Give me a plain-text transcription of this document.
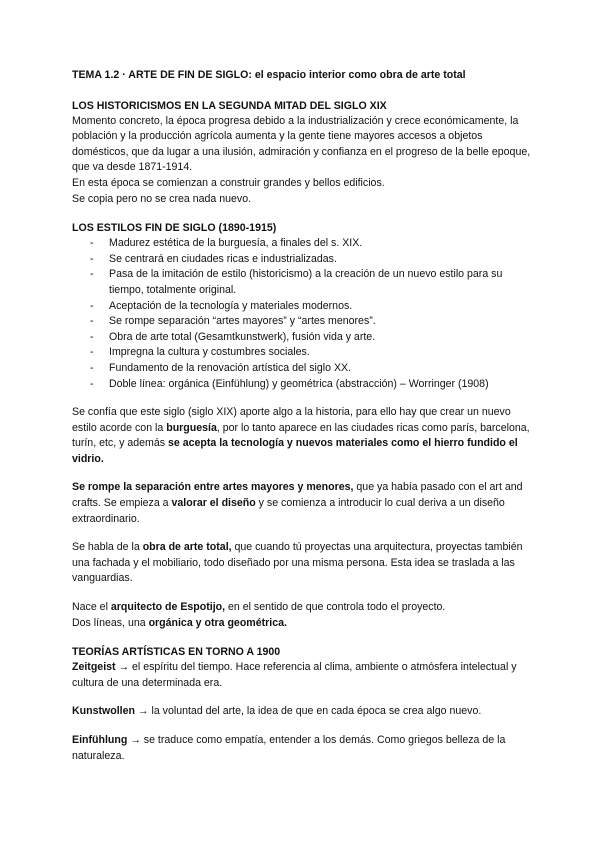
TEMA 1.2 · ARTE DE FIN DE SIGLO: el espacio interior como obra de arte total

LOS HISTORICISMOS EN LA SEGUNDA MITAD DEL SIGLO XIX

Momento concreto, la época progresa debido a la industrialización y crece económicamente, la población y la producción agrícola aumenta y la gente tiene mayores accesos a objetos domésticos, que da lugar a una ilusión, admiración y confianza en el progreso de la belle epoque, que va desde 1871-1914.

En esta época se comienzan a construir grandes y bellos edificios.

Se copia pero no se crea nada nuevo.

LOS ESTILOS FIN DE SIGLO (1890-1915)
- Madurez estética de la burguesía, a finales del s. XIX.
- Se centrará en ciudades ricas e industrializadas.
- Pasa de la imitación de estilo (historicismo) a la creación de un nuevo estilo para su tiempo, totalmente original.
- Aceptación de la tecnología y materiales modernos.
- Se rompe separación “artes mayores” y “artes menores”.
- Obra de arte total (Gesamtkunstwerk), fusión vida y arte.
- Impregna la cultura y costumbres sociales.
- Fundamento de la renovación artística del siglo XX.
- Doble línea: orgánica (Einfühlung) y geométrica (abstracción) – Worringer (1908)

Se confía que este siglo (siglo XIX) aporte algo a la historia, para ello hay que crear un nuevo estilo acorde con la burguesía, por lo tanto aparece en las ciudades ricas como parís, barcelona, turín, etc, y además se acepta la tecnología y nuevos materiales como el hierro fundido el vidrio.

Se rompe la separación entre artes mayores y menores, que ya había pasado con el art and crafts. Se empieza a valorar el diseño y se comienza a introducir lo cual deriva a un diseño extraordinario.

Se habla de la obra de arte total, que cuando tú proyectas una arquitectura, proyectas también una fachada y el mobiliario, todo diseñado por una misma persona. Esta idea se traslada a las vanguardias.

Nace el arquitecto de Espotijo, en el sentido de que controla todo el proyecto.

Dos líneas, una orgánica y otra geométrica.

TEORÍAS ARTÍSTICAS EN TORNO A 1900

Zeitgeist → el espíritu del tiempo. Hace referencia al clima, ambiente o atmósfera intelectual y cultura de una determinada era.

Kunstwollen → la voluntad del arte, la idea de que en cada época se crea algo nuevo.

Einfühlung → se traduce como empatía, entender a los demás. Como griegos belleza de la naturaleza.
